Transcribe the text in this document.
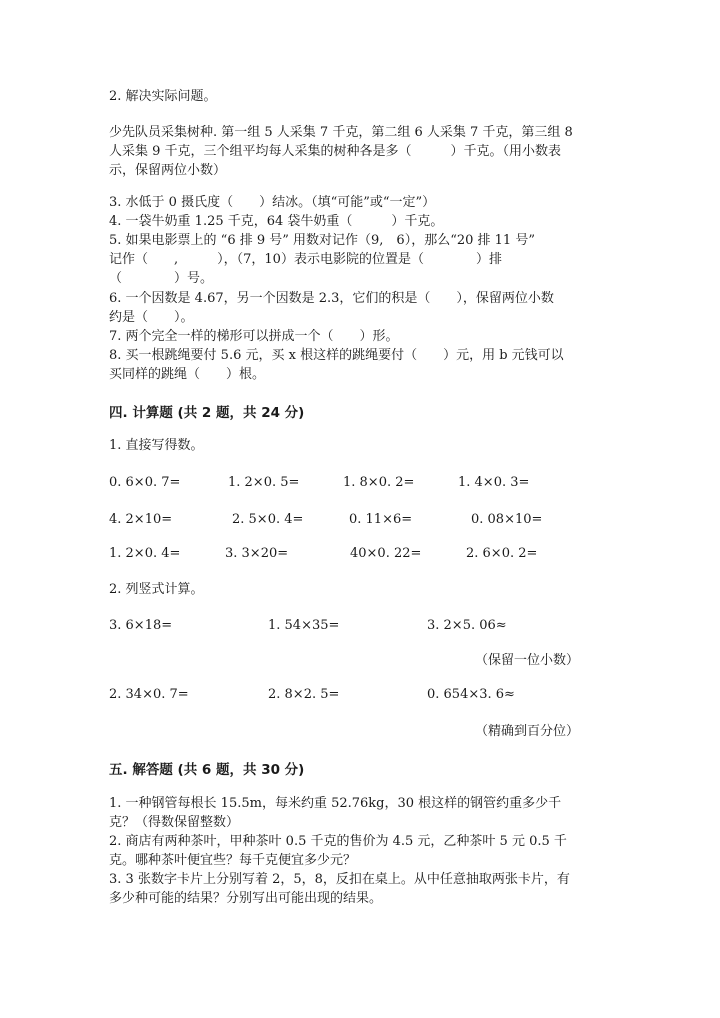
2. 解决实际问题。
少先队员采集树种. 第一组 5 人采集 7 千克，第二组 6 人采集 7 千克，第三组 8
人采集 9 千克，三个组平均每人采集的树种各是多（　　　）千克。（用小数表
示，保留两位小数）
3. 水低于 0 摄氏度（　　）结冰。（填“可能”或“一定”）
4. 一袋牛奶重 1.25 千克，64 袋牛奶重（　　　）千克。
5. 如果电影票上的 “6 排 9 号” 用数对记作（9,　6），那么“20 排 11 号”
记作（　　,　　　），（7，10）表示电影院的位置是（　　　　）排
（　　　　）号。
6. 一个因数是 4.67，另一个因数是 2.3，它们的积是（　　），保留两位小数
约是（　　）。
7. 两个完全一样的梯形可以拼成一个（　　）形。
8. 买一根跳绳要付 5.6 元，买 x 根这样的跳绳要付（　　）元，用 b 元钱可以
买同样的跳绳（　　）根。
四. 计算题 (共 2 题，共 24 分)
1. 直接写得数。
0. 6×0. 7=	1. 2×0. 5=	1. 8×0. 2=	1. 4×0. 3=
4. 2×10=	2. 5×0. 4=	0. 11×6=	0. 08×10=
1. 2×0. 4=	3. 3×20=	40×0. 22=	2. 6×0. 2=
2. 列竖式计算。
3. 6×18=	1. 54×35=	3. 2×5. 06≈
（保留一位小数）
2. 34×0. 7=	2. 8×2. 5=	0. 654×3. 6≈
（精确到百分位）
五. 解答题 (共 6 题，共 30 分)
1. 一种钢管每根长 15.5m，每米约重 52.76kg，30 根这样的钢管约重多少千
克？（得数保留整数）
2. 商店有两种茶叶，甲种茶叶 0.5 千克的售价为 4.5 元，乙种茶叶 5 元 0.5 千
克。哪种茶叶便宜些？每千克便宜多少元？
3. 3 张数字卡片上分别写着 2，5，8，反扣在桌上。从中任意抽取两张卡片，有
多少种可能的结果？分别写出可能出现的结果。
